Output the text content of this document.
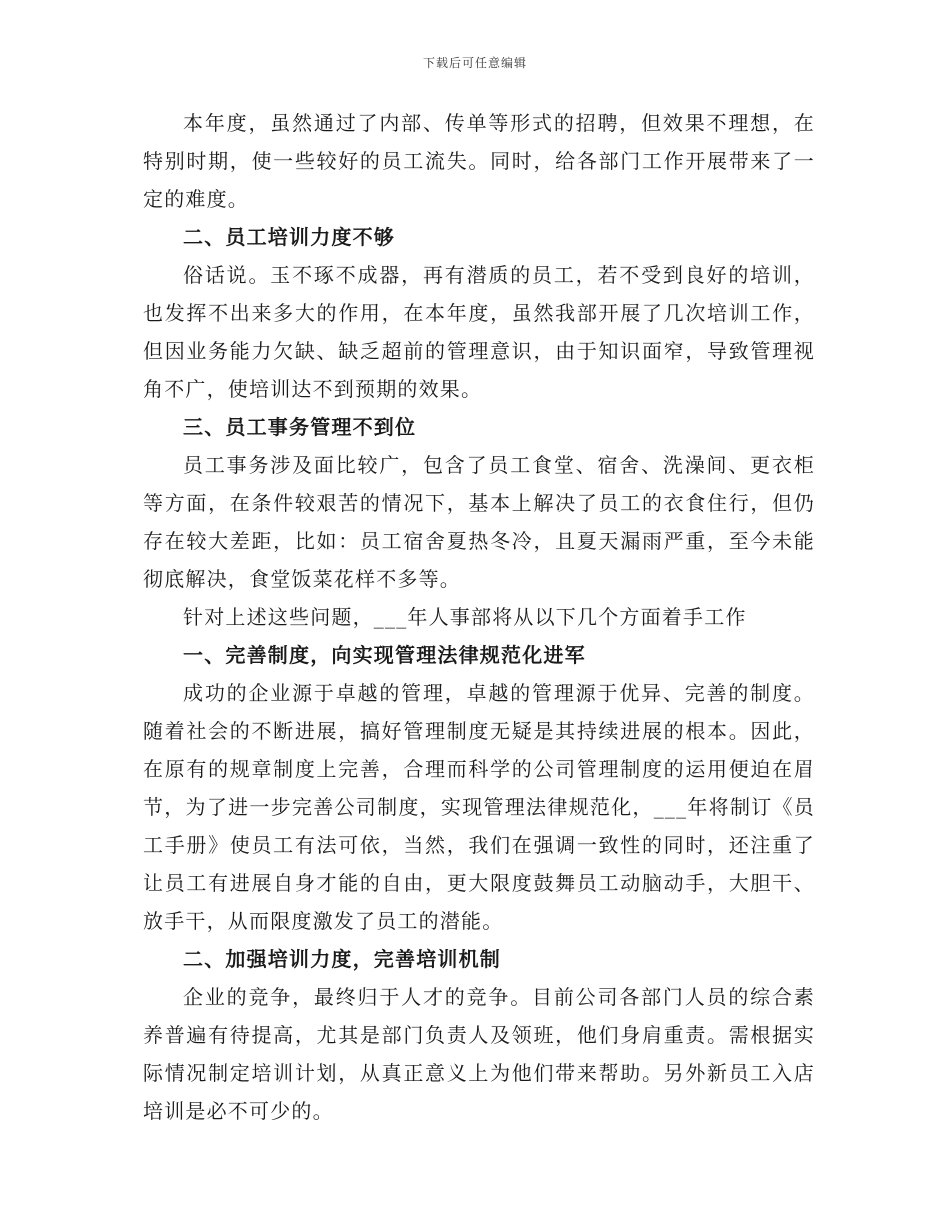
下载后可任意编辑

本年度，虽然通过了内部、传单等形式的招聘，但效果不理想，在特别时期，使一些较好的员工流失。同时，给各部门工作开展带来了一定的难度。

二、员工培训力度不够

俗话说。玉不琢不成器，再有潜质的员工，若不受到良好的培训，也发挥不出来多大的作用，在本年度，虽然我部开展了几次培训工作，但因业务能力欠缺、缺乏超前的管理意识，由于知识面窄，导致管理视角不广，使培训达不到预期的效果。

三、员工事务管理不到位

员工事务涉及面比较广，包含了员工食堂、宿舍、洗澡间、更衣柜等方面，在条件较艰苦的情况下，基本上解决了员工的衣食住行，但仍存在较大差距，比如：员工宿舍夏热冬冷，且夏天漏雨严重，至今未能彻底解决，食堂饭菜花样不多等。

针对上述这些问题，___年人事部将从以下几个方面着手工作

一、完善制度，向实现管理法律规范化进军

成功的企业源于卓越的管理，卓越的管理源于优异、完善的制度。随着社会的不断进展，搞好管理制度无疑是其持续进展的根本。因此，在原有的规章制度上完善，合理而科学的公司管理制度的运用便迫在眉节，为了进一步完善公司制度，实现管理法律规范化，___年将制订《员工手册》使员工有法可依，当然，我们在强调一致性的同时，还注重了让员工有进展自身才能的自由，更大限度鼓舞员工动脑动手，大胆干、放手干，从而限度激发了员工的潜能。

二、加强培训力度，完善培训机制

企业的竞争，最终归于人才的竞争。目前公司各部门人员的综合素养普遍有待提高，尤其是部门负责人及领班，他们身肩重责。需根据实际情况制定培训计划，从真正意义上为他们带来帮助。另外新员工入店培训是必不可少的。
